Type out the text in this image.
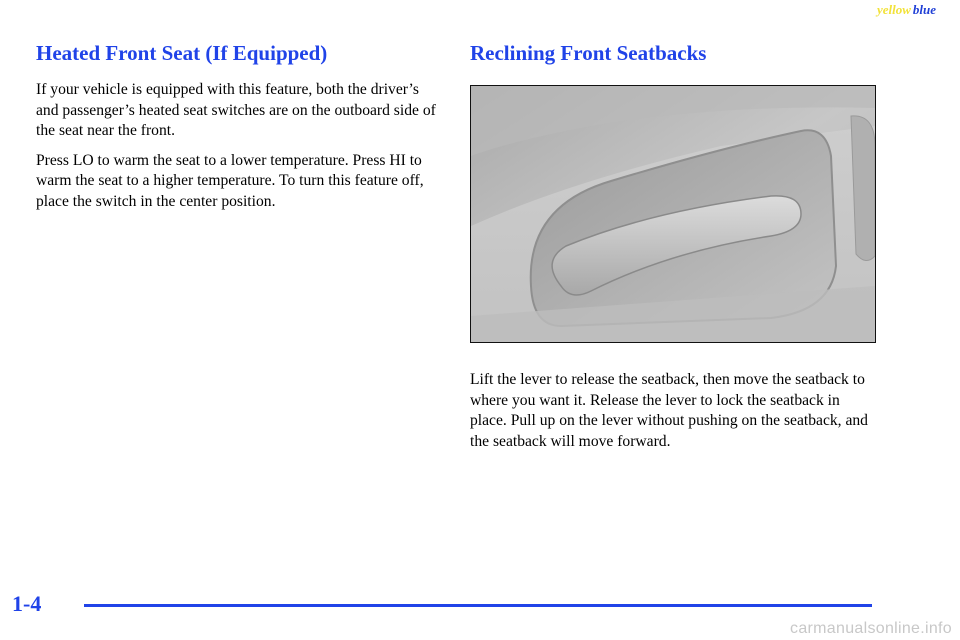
yellow blue
Heated Front Seat (If Equipped)

If your vehicle is equipped with this feature, both the driver’s and passenger’s heated seat switches are on the outboard side of the seat near the front.

Press LO to warm the seat to a lower temperature. Press HI to warm the seat to a higher temperature. To turn this feature off, place the switch in the center position.

Reclining Front Seatbacks

Lift the lever to release the seatback, then move the seatback to where you want it. Release the lever to lock the seatback in place. Pull up on the lever without pushing on the seatback, and the seatback will move forward.

1-4
carmanualsonline.info
